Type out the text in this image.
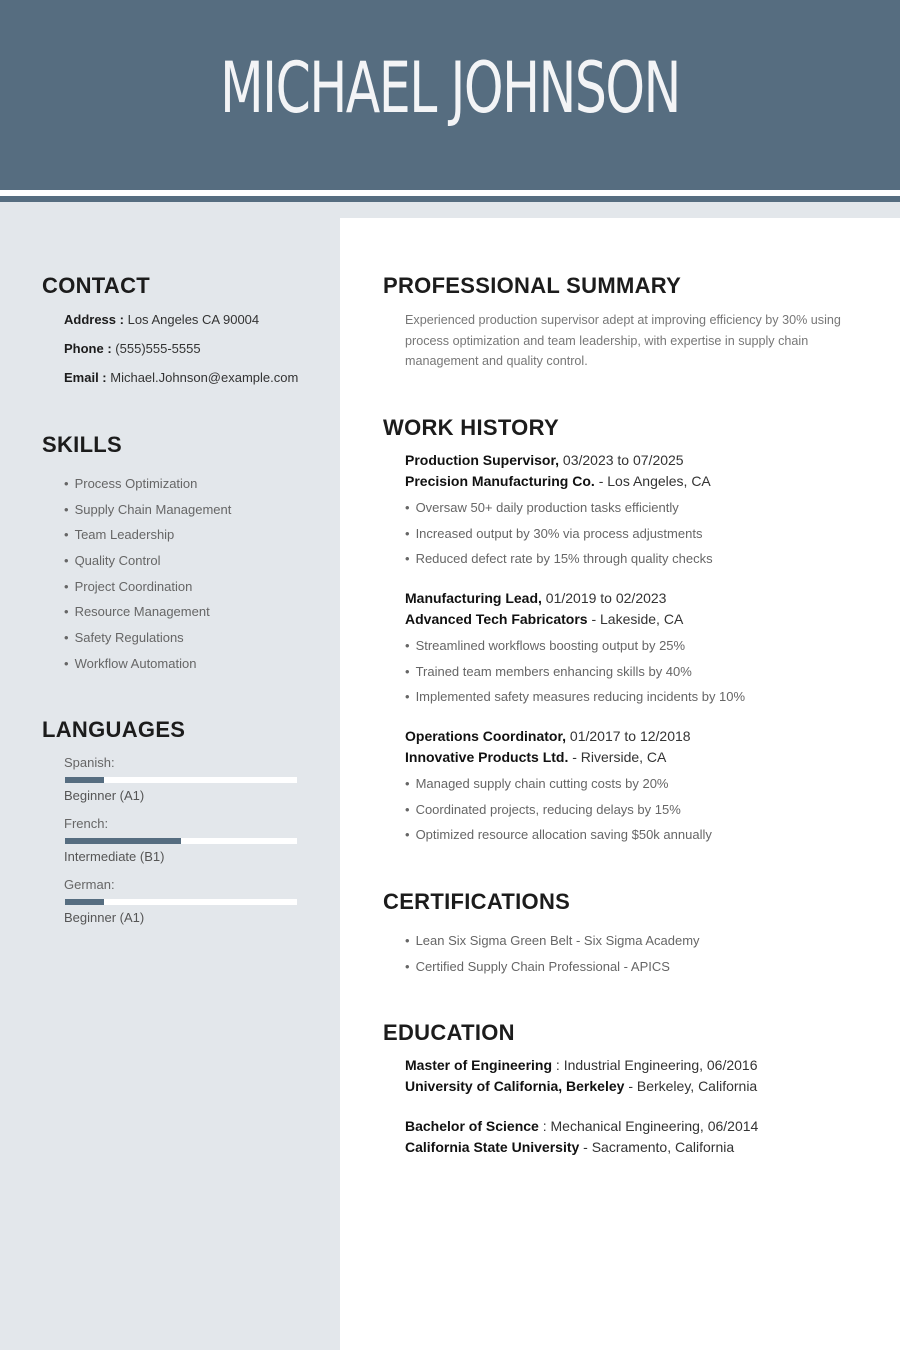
MICHAEL JOHNSON
CONTACT
Address : Los Angeles CA 90004
Phone : (555)555-5555
Email : Michael.Johnson@example.com
SKILLS
• Process Optimization
• Supply Chain Management
• Team Leadership
• Quality Control
• Project Coordination
• Resource Management
• Safety Regulations
• Workflow Automation
LANGUAGES
Spanish:
Beginner (A1)
French:
Intermediate (B1)
German:
Beginner (A1)
PROFESSIONAL SUMMARY

Experienced production supervisor adept at improving efficiency by 30% using process optimization and team leadership, with expertise in supply chain management and quality control.

WORK HISTORY
Production Supervisor, 03/2023 to 07/2025
Precision Manufacturing Co. - Los Angeles, CA
• Oversaw 50+ daily production tasks efficiently
• Increased output by 30% via process adjustments
• Reduced defect rate by 15% through quality checks
Manufacturing Lead, 01/2019 to 02/2023
Advanced Tech Fabricators - Lakeside, CA
• Streamlined workflows boosting output by 25%
• Trained team members enhancing skills by 40%
• Implemented safety measures reducing incidents by 10%
Operations Coordinator, 01/2017 to 12/2018
Innovative Products Ltd. - Riverside, CA
• Managed supply chain cutting costs by 20%
• Coordinated projects, reducing delays by 15%
• Optimized resource allocation saving $50k annually
CERTIFICATIONS
• Lean Six Sigma Green Belt - Six Sigma Academy
• Certified Supply Chain Professional - APICS
EDUCATION
Master of Engineering : Industrial Engineering, 06/2016
University of California, Berkeley - Berkeley, California
Bachelor of Science : Mechanical Engineering, 06/2014
California State University - Sacramento, California
